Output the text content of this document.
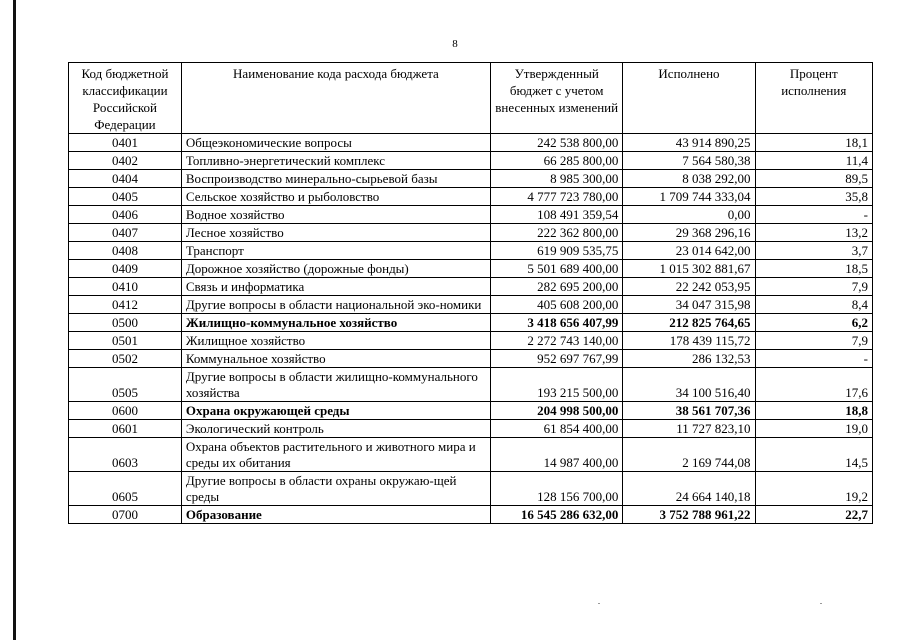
8
Код бюджетной классификации Российской Федерации	Наименование кода расхода бюджета	Утвержденный бюджет с учетом внесенных изменений	Исполнено	Процент исполнения
0401	Общеэкономические вопросы	242 538 800,00	43 914 890,25	18,1
0402	Топливно-энергетический комплекс	66 285 800,00	7 564 580,38	11,4
0404	Воспроизводство минерально-сырьевой базы	8 985 300,00	8 038 292,00	89,5
0405	Сельское хозяйство и рыболовство	4 777 723 780,00	1 709 744 333,04	35,8
0406	Водное хозяйство	108 491 359,54	0,00	-
0407	Лесное хозяйство	222 362 800,00	29 368 296,16	13,2
0408	Транспорт	619 909 535,75	23 014 642,00	3,7
0409	Дорожное хозяйство (дорожные фонды)	5 501 689 400,00	1 015 302 881,67	18,5
0410	Связь и информатика	282 695 200,00	22 242 053,95	7,9
0412	Другие вопросы в области национальной эко-номики	405 608 200,00	34 047 315,98	8,4
0500	Жилищно-коммунальное хозяйство	3 418 656 407,99	212 825 764,65	6,2
0501	Жилищное хозяйство	2 272 743 140,00	178 439 115,72	7,9
0502	Коммунальное хозяйство	952 697 767,99	286 132,53	-
0505	Другие вопросы в области жилищно-коммунального хозяйства	193 215 500,00	34 100 516,40	17,6
0600	Охрана окружающей среды	204 998 500,00	38 561 707,36	18,8
0601	Экологический контроль	61 854 400,00	11 727 823,10	19,0
0603	Охрана объектов растительного и животного мира и среды их обитания	14 987 400,00	2 169 744,08	14,5
0605	Другие вопросы в области охраны окружаю-щей среды	128 156 700,00	24 664 140,18	19,2
0700	Образование	16 545 286 632,00	3 752 788 961,22	22,7
